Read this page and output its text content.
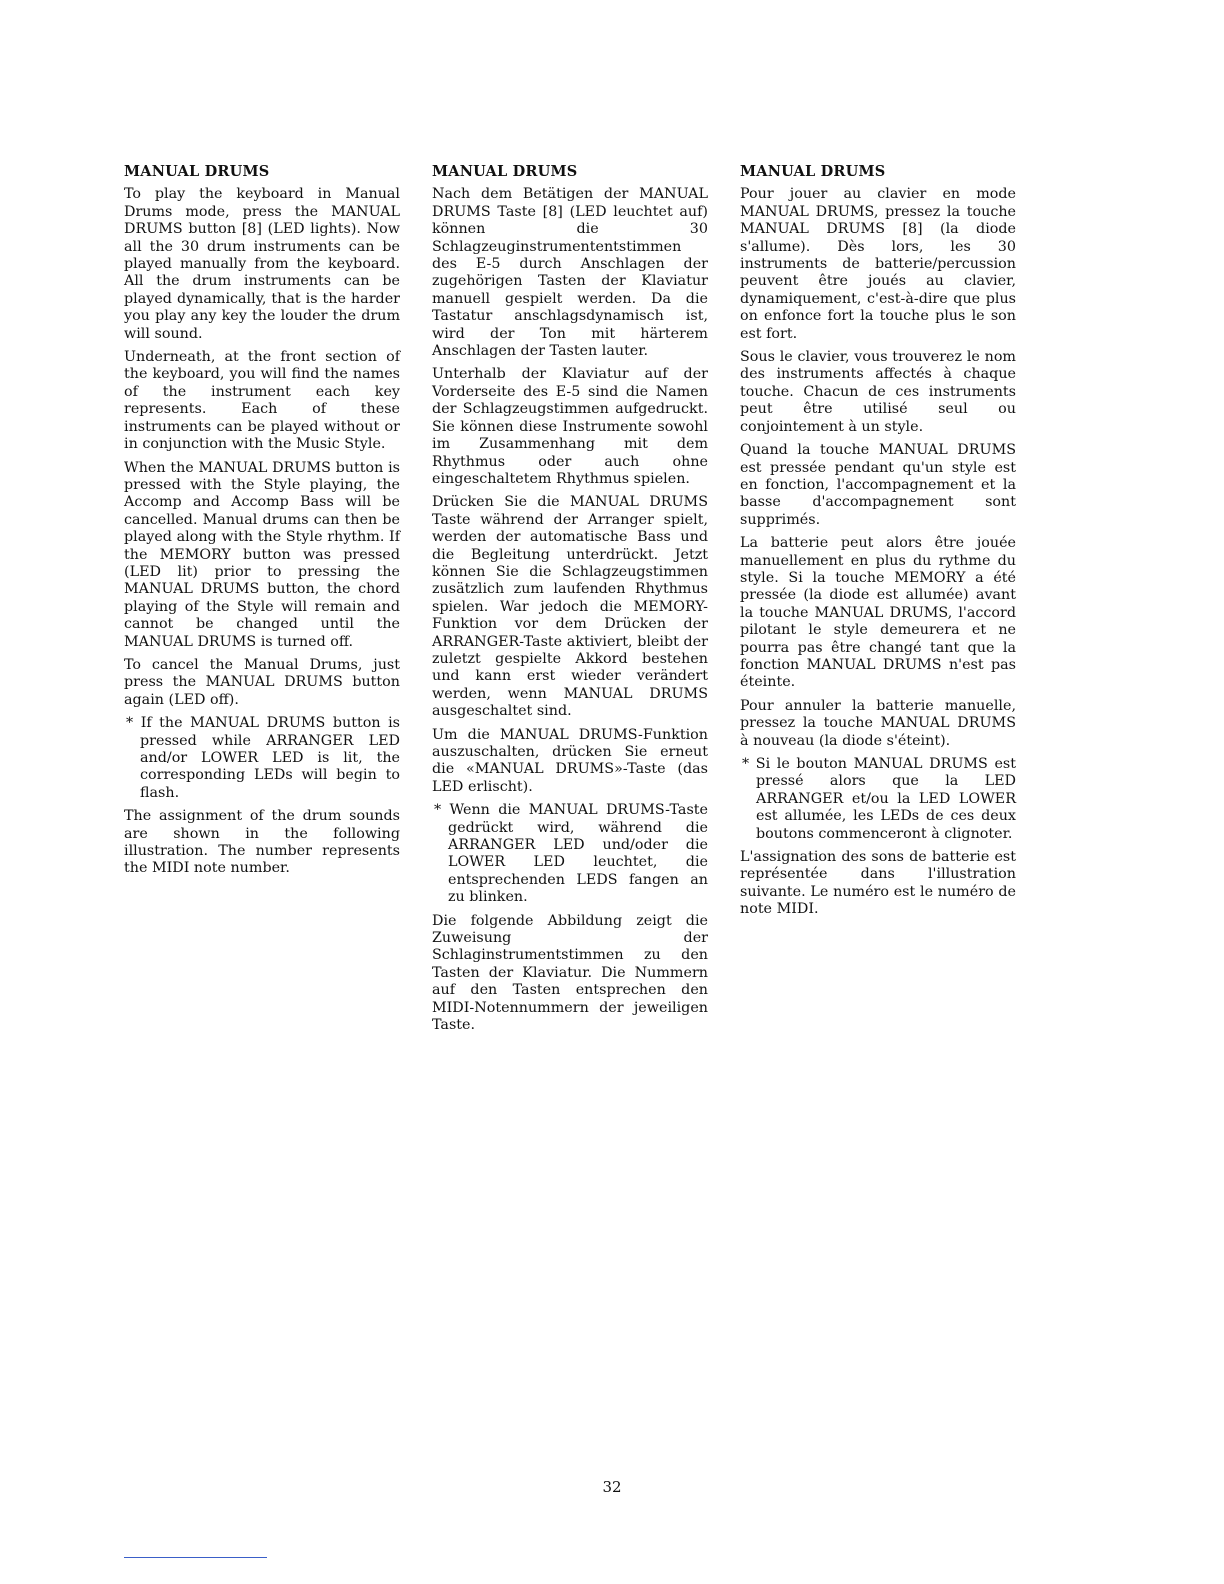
MANUAL DRUMS

To play the keyboard in Manual Drums mode, press the MANUAL DRUMS button [8] (LED lights). Now all the 30 drum instruments can be played manually from the keyboard. All the drum instruments can be played dynamically, that is the harder you play any key the louder the drum will sound.

Underneath, at the front section of the keyboard, you will find the names of the instrument each key represents. Each of these instruments can be played without or in conjunction with the Music Style.

When the MANUAL DRUMS button is pressed with the Style playing, the Accomp and Accomp Bass will be cancelled. Manual drums can then be played along with the Style rhythm. If the MEMORY button was pressed (LED lit) prior to pressing the MANUAL DRUMS button, the chord playing of the Style will remain and cannot be changed until the MANUAL DRUMS is turned off.

To cancel the Manual Drums, just press the MANUAL DRUMS button again (LED off).

* If the MANUAL DRUMS button is pressed while ARRANGER LED and/or LOWER LED is lit, the corresponding LEDs will begin to flash.

The assignment of the drum sounds are shown in the following illustration. The number represents the MIDI note number.

MANUAL DRUMS

Nach dem Betätigen der MANUAL DRUMS Taste [8] (LED leuchtet auf) können die 30 Schlagzeuginstrumententstimmen des E-5 durch Anschlagen der zugehörigen Tasten der Klaviatur manuell gespielt werden. Da die Tastatur anschlagsdynamisch ist, wird der Ton mit härterem Anschlagen der Tasten lauter.

Unterhalb der Klaviatur auf der Vorderseite des E-5 sind die Namen der Schlagzeugstimmen aufgedruckt. Sie können diese Instrumente sowohl im Zusammenhang mit dem Rhythmus oder auch ohne eingeschaltetem Rhythmus spielen.

Drücken Sie die MANUAL DRUMS Taste während der Arranger spielt, werden der automatische Bass und die Begleitung unterdrückt. Jetzt können Sie die Schlagzeugstimmen zusätzlich zum laufenden Rhythmus spielen. War jedoch die MEMORY-Funktion vor dem Drücken der ARRANGER-Taste aktiviert, bleibt der zuletzt gespielte Akkord bestehen und kann erst wieder verändert werden, wenn MANUAL DRUMS ausgeschaltet sind.

Um die MANUAL DRUMS-Funktion auszuschalten, drücken Sie erneut die «MANUAL DRUMS»-Taste (das LED erlischt).

* Wenn die MANUAL DRUMS-Taste gedrückt wird, während die ARRANGER LED und/oder die LOWER LED leuchtet, die entsprechenden LEDS fangen an zu blinken.

Die folgende Abbildung zeigt die Zuweisung der Schlaginstrumentstimmen zu den Tasten der Klaviatur. Die Nummern auf den Tasten entsprechen den MIDI-Notennummern der jeweiligen Taste.

MANUAL DRUMS

Pour jouer au clavier en mode MANUAL DRUMS, pressez la touche MANUAL DRUMS [8] (la diode s'allume). Dès lors, les 30 instruments de batterie/percussion peuvent être joués au clavier, dynamiquement, c'est-à-dire que plus on enfonce fort la touche plus le son est fort.

Sous le clavier, vous trouverez le nom des instruments affectés à chaque touche. Chacun de ces instruments peut être utilisé seul ou conjointement à un style.

Quand la touche MANUAL DRUMS est pressée pendant qu'un style est en fonction, l'accompagnement et la basse d'accompagnement sont supprimés.

La batterie peut alors être jouée manuellement en plus du rythme du style. Si la touche MEMORY a été pressée (la diode est allumée) avant la touche MANUAL DRUMS, l'accord pilotant le style demeurera et ne pourra pas être changé tant que la fonction MANUAL DRUMS n'est pas éteinte.

Pour annuler la batterie manuelle, pressez la touche MANUAL DRUMS à nouveau (la diode s'éteint).

* Si le bouton MANUAL DRUMS est pressé alors que la LED ARRANGER et/ou la LED LOWER est allumée, les LEDs de ces deux boutons commenceront à clignoter.

L'assignation des sons de batterie est représentée dans l'illustration suivante. Le numéro est le numéro de note MIDI.

32
